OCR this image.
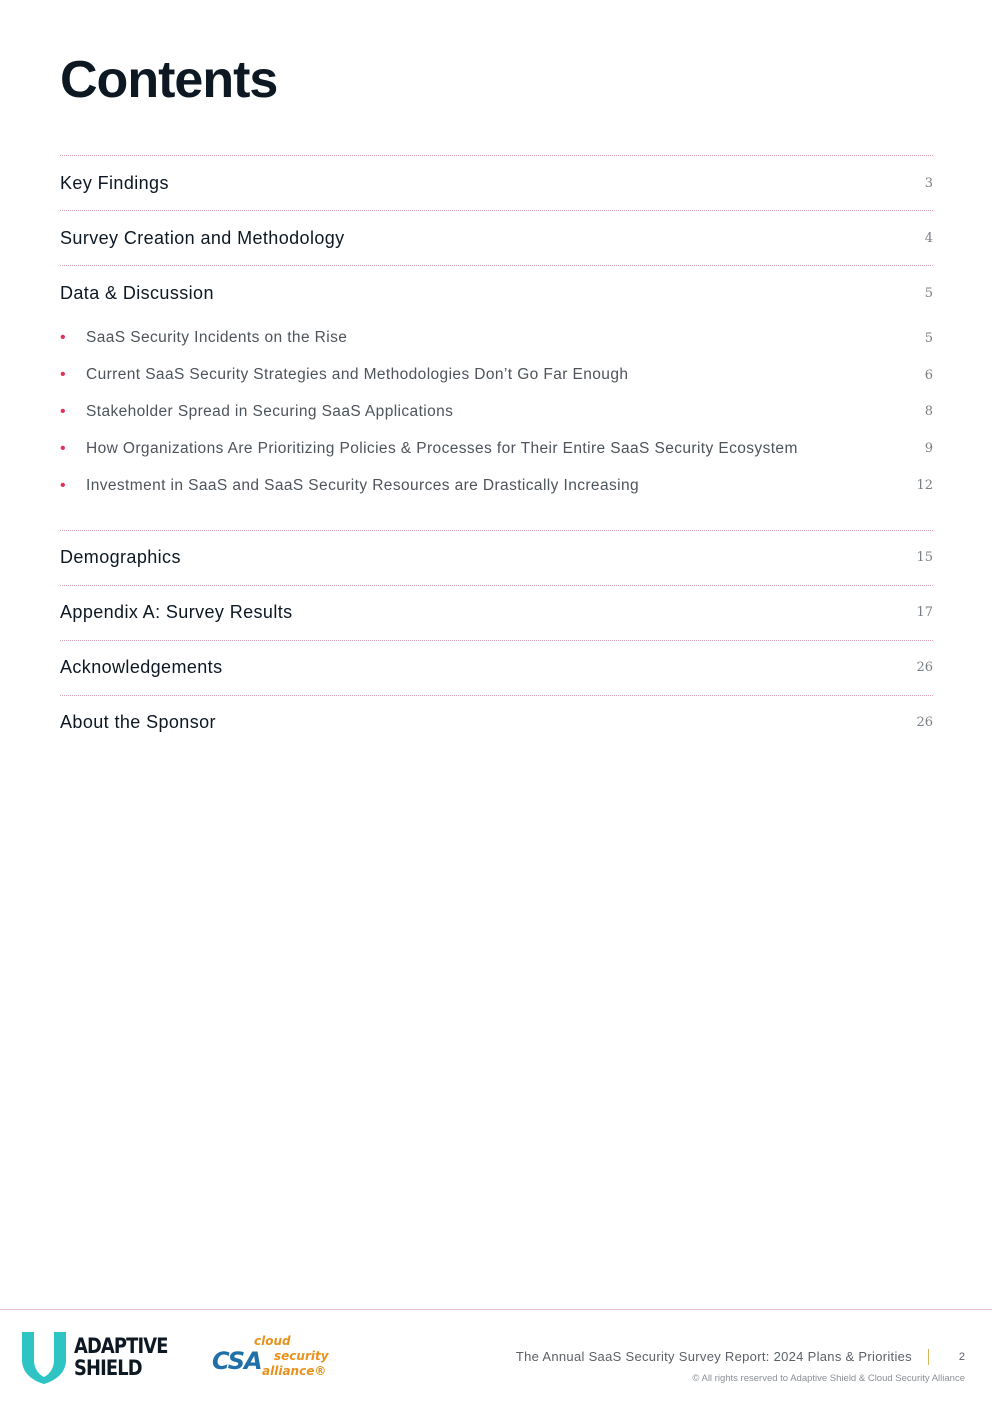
Contents
Key Findings	3
Survey Creation and Methodology	4
Data & Discussion	5
•	SaaS Security Incidents on the Rise	5
•	Current SaaS Security Strategies and Methodologies Don’t Go Far Enough	6
•	Stakeholder Spread in Securing SaaS Applications	8
•	How Organizations Are Prioritizing Policies & Processes for Their Entire SaaS Security Ecosystem	9
•	Investment in SaaS and SaaS Security Resources are Drastically Increasing	12
Demographics	15
Appendix A: Survey Results	17
Acknowledgements	26
About the Sponsor	26
ADAPTIVE
SHIELD	CSA
cloud
security
alliance®
The Annual SaaS Security Survey Report: 2024 Plans & Priorities	2
© All rights reserved to Adaptive Shield & Cloud Security Alliance
